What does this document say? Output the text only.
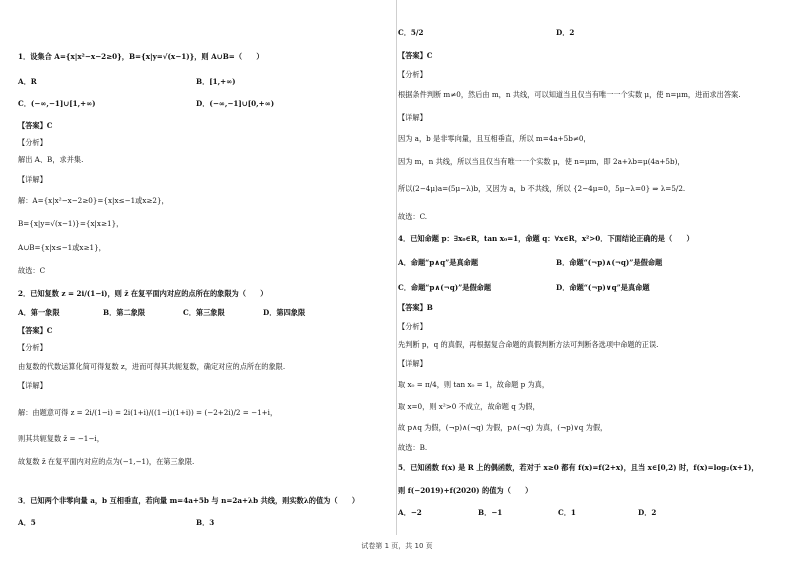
1．设集合 A={x|x²−x−2≥0}，B={x|y=√(x−1)}，则 A∪B=（　　）
A．R	B．[1,+∞)
C．(−∞,−1]∪[1,+∞)	D．(−∞,−1]∪[0,+∞)
【答案】C
【分析】
解出 A、B，求并集.
【详解】
解：A={x|x²−x−2≥0}={x|x≤−1或x≥2}，
B={x|y=√(x−1)}={x|x≥1}，
A∪B={x|x≤−1或x≥1}，
故选：C
2．已知复数 z = 2i/(1−i)，则 z̄ 在复平面内对应的点所在的象限为（　　）
A．第一象限	B．第二象限	C．第三象限	D．第四象限
【答案】C
【分析】
由复数的代数运算化简可得复数 z，进而可得其共轭复数，确定对应的点所在的象限.
【详解】
解：由题意可得 z = 2i/(1−i) = 2i(1+i)/((1−i)(1+i)) = (−2+2i)/2 = −1+i，
则其共轭复数 z̄ = −1−i，
故复数 z̄ 在复平面内对应的点为(−1,−1)，在第三象限.
3．已知两个非零向量 a，b 互相垂直，若向量 m=4a+5b 与 n=2a+λb 共线，则实数λ的值为（　　）
A．5	B．3
C．5/2	D．2
【答案】C
【分析】
根据条件判断 m≠0，然后由 m，n 共线，可以知道当且仅当有唯一一个实数 μ，使 n=μm，进而求出答案.
【详解】
因为 a，b 是非零向量，且互相垂直，所以 m=4a+5b≠0，
因为 m，n 共线，所以当且仅当有唯一一个实数 μ，使 n=μm，即 2a+λb=μ(4a+5b)，
所以(2−4μ)a=(5μ−λ)b，又因为 a，b 不共线，所以 {2−4μ=0，5μ−λ=0} ⇒ λ=5/2.
故选：C.
4．已知命题 p：∃x₀∈R，tan x₀=1，命题 q：∀x∈R，x²>0．下面结论正确的是（　　）
A．命题“p∧q”是真命题	B．命题“(¬p)∧(¬q)”是假命题
C．命题“p∧(¬q)”是假命题	D．命题“(¬p)∨q”是真命题
【答案】B
【分析】
先判断 p，q 的真假，再根据复合命题的真假判断方法可判断各选项中命题的正误.
【详解】
取 x₀ = π/4，则 tan x₀ = 1，故命题 p 为真，
取 x=0，则 x²>0 不成立，故命题 q 为假，
故 p∧q 为假，(¬p)∧(¬q) 为假，p∧(¬q) 为真，(¬p)∨q 为假，
故选：B.
5．已知函数 f(x) 是 R 上的偶函数，若对于 x≥0 都有 f(x)=f(2+x)，且当 x∈[0,2) 时，f(x)=log₂(x+1)，
则 f(−2019)+f(2020) 的值为（　　）
A．−2	B．−1	C．1	D．2
试卷第 1 页，共 10 页
